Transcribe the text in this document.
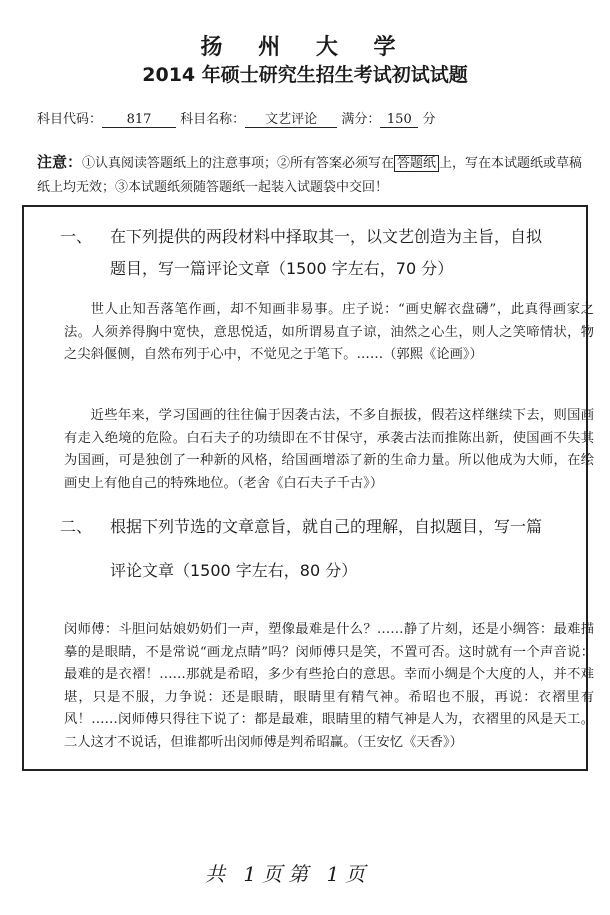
扬 州 大 学
2014 年硕士研究生招生考试初试试题
科目代码： 817 科目名称： 文艺评论 满分： 150 分
注意：①认真阅读答题纸上的注意事项；②所有答案必须写在 答题纸 上，写在本试题纸或草稿纸上均无效；③本试题纸须随答题纸一起装入试题袋中交回！
一、 在下列提供的两段材料中择取其一，以文艺创造为主旨，自拟
题目，写一篇评论文章（1500 字左右，70 分）

世人止知吾落笔作画，却不知画非易事。庄子说：“画史解衣盘礴”，此真得画家之法。人须养得胸中宽快，意思悦适，如所谓易直子谅，油然之心生，则人之笑啼情状，物之尖斜偃侧，自然布列于心中，不觉见之于笔下。……（郭熙《论画》）

近些年来，学习国画的往往偏于因袭古法，不多自振拔，假若这样继续下去，则国画有走入绝境的危险。白石夫子的功绩即在不甘保守，承袭古法而推陈出新，使国画不失其为国画，可是独创了一种新的风格，给国画增添了新的生命力量。所以他成为大师，在绘画史上有他自己的特殊地位。（老舍《白石夫子千古》）

二、 根据下列节选的文章意旨，就自己的理解，自拟题目，写一篇
评论文章（1500 字左右，80 分）

闵师傅：斗胆问姑娘奶奶们一声，塑像最难是什么？……静了片刻，还是小绸答：最难描摹的是眼睛，不是常说“画龙点睛”吗？闵师傅只是笑，不置可否。这时就有一个声音说：最难的是衣褶！……那就是希昭，多少有些抢白的意思。幸而小绸是个大度的人，并不难堪，只是不服，力争说：还是眼睛，眼睛里有精气神。希昭也不服，再说：衣褶里有风！……闵师傅只得往下说了：都是最难，眼睛里的精气神是人为，衣褶里的风是天工。二人这才不说话，但谁都听出闵师傅是判希昭赢。（王安忆《天香》）

共 1页第 1页
